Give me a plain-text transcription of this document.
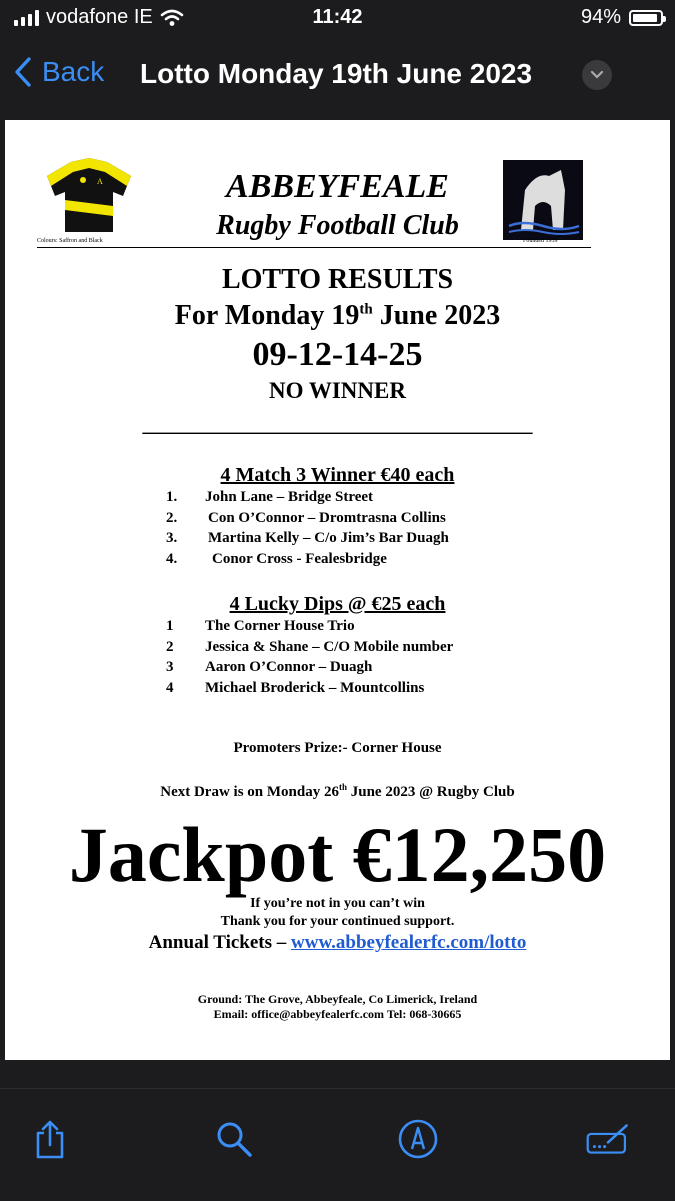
vodafone IE	11:42	94%
Back Lotto Monday 19th June 2023
A
Colours: Saffron and Black
ABBEYFEALE
Rugby Football Club	Founded 1959
LOTTO RESULTS
For Monday 19th June 2023
09-12-14-25
NO WINNER
_______________________________________
4 Match 3 Winner €40 each
1. John Lane – Bridge Street
2. Con O’Connor – Dromtrasna Collins
3. Martina Kelly – C/o Jim’s Bar Duagh
4. Conor Cross - Fealesbridge
4 Lucky Dips @ €25 each
1 The Corner House Trio
2 Jessica & Shane – C/O Mobile number
3 Aaron O’Connor – Duagh
4 Michael Broderick – Mountcollins
Promoters Prize:- Corner House
Next Draw is on Monday 26th June 2023 @ Rugby Club
Jackpot €12,250
If you’re not in you can’t win
Thank you for your continued support.
Annual Tickets – www.abbeyfealerfc.com/lotto
Ground: The Grove, Abbeyfeale, Co Limerick, Ireland
Email: office@abbeyfealerfc.com Tel: 068-30665
